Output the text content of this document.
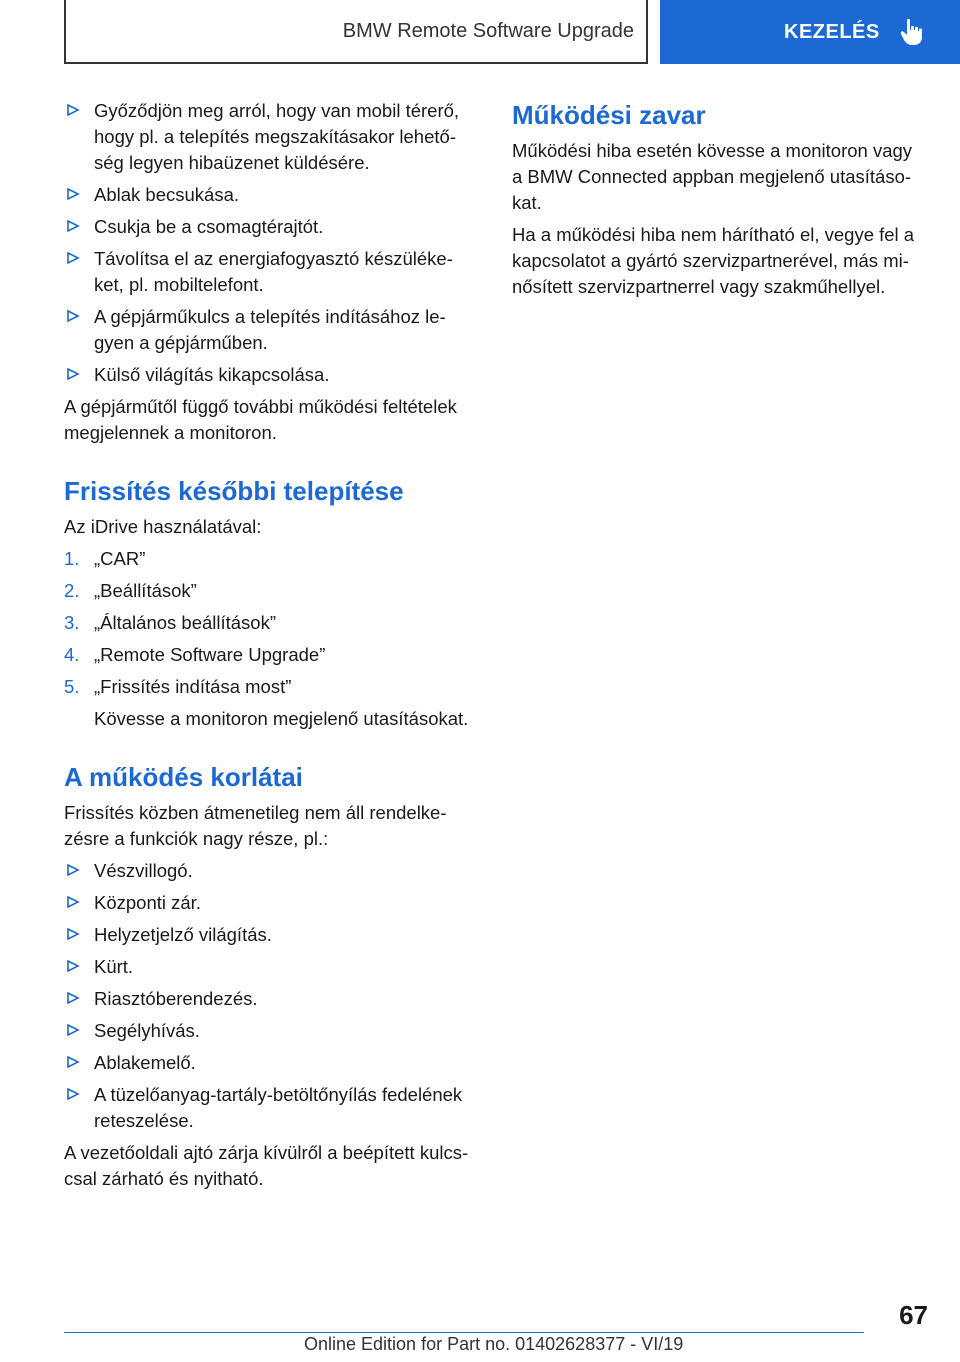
BMW Remote Software Upgrade	KEZELÉS
Győződjön meg arról, hogy van mobil térerő, hogy pl. a telepítés megszakításakor lehetőség legyen hibaüzenet küldésére.
Ablak becsukása.
Csukja be a csomagtérajtót.
Távolítsa el az energiafogyasztó készülékeket, pl. mobiltelefont.
A gépjárműkulcs a telepítés indításához legyen a gépjárműben.
Külső világítás kikapcsolása.

A gépjárműtől függő további működési feltételek megjelennek a monitoron.

Frissítés későbbi telepítése

Az iDrive használatával:

1. „CAR”
2. „Beállítások”
3. „Általános beállítások”
4. „Remote Software Upgrade”
5. „Frissítés indítása most”
Kövesse a monitoron megjelenő utasításokat.
A működés korlátai

Frissítés közben átmenetileg nem áll rendelkezésre a funkciók nagy része, pl.:

Vészvillogó.
Központi zár.
Helyzetjelző világítás.
Kürt.
Riasztóberendezés.
Segélyhívás.
Ablakemelő.
A tüzelőanyag-tartály-betöltőnyílás fedelének reteszelése.

A vezetőoldali ajtó zárja kívülről a beépített kulcscsal zárható és nyitható.

Működési zavar

Működési hiba esetén kövesse a monitoron vagy a BMW Connected appban megjelenő utasításokat.

Ha a működési hiba nem hárítható el, vegye fel a kapcsolatot a gyártó szervizpartnerével, más minősített szervizpartnerrel vagy szakműhellyel.

67
Online Edition for Part no. 01402628377 - VI/19
